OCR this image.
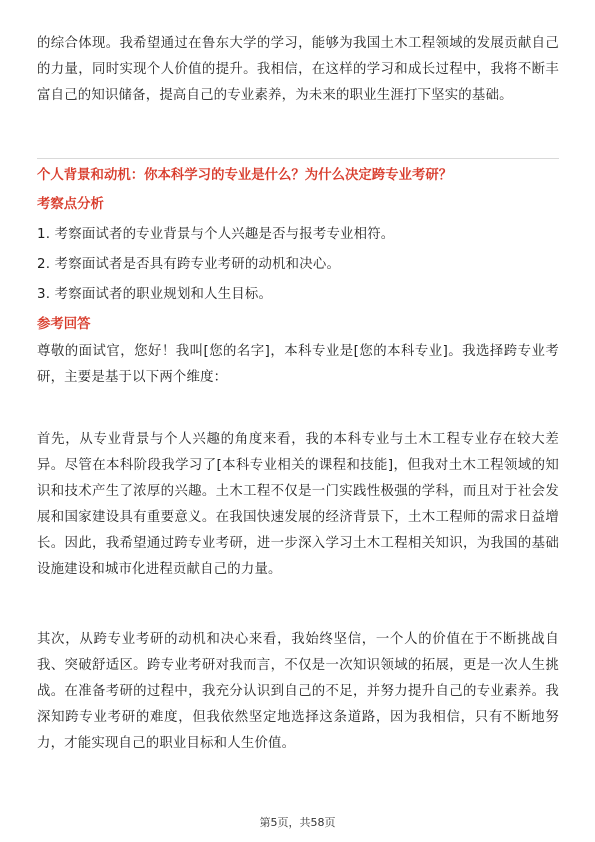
的综合体现。我希望通过在鲁东大学的学习，能够为我国土木工程领域的发展贡献自己的力量，同时实现个人价值的提升。我相信，在这样的学习和成长过程中，我将不断丰富自己的知识储备，提高自己的专业素养，为未来的职业生涯打下坚实的基础。

个人背景和动机：你本科学习的专业是什么？为什么决定跨专业考研？

考察点分析

1. 考察面试者的专业背景与个人兴趣是否与报考专业相符。
2. 考察面试者是否具有跨专业考研的动机和决心。
3. 考察面试者的职业规划和人生目标。

参考回答

尊敬的面试官，您好！我叫[您的名字]，本科专业是[您的本科专业]。我选择跨专业考研，主要是基于以下两个维度：

首先，从专业背景与个人兴趣的角度来看，我的本科专业与土木工程专业存在较大差异。尽管在本科阶段我学习了[本科专业相关的课程和技能]，但我对土木工程领域的知识和技术产生了浓厚的兴趣。土木工程不仅是一门实践性极强的学科，而且对于社会发展和国家建设具有重要意义。在我国快速发展的经济背景下，土木工程师的需求日益增长。因此，我希望通过跨专业考研，进一步深入学习土木工程相关知识，为我国的基础设施建设和城市化进程贡献自己的力量。

其次，从跨专业考研的动机和决心来看，我始终坚信，一个人的价值在于不断挑战自我、突破舒适区。跨专业考研对我而言，不仅是一次知识领域的拓展，更是一次人生挑战。在准备考研的过程中，我充分认识到自己的不足，并努力提升自己的专业素养。我深知跨专业考研的难度，但我依然坚定地选择这条道路，因为我相信，只有不断地努力，才能实现自己的职业目标和人生价值。

第5页，共58页
